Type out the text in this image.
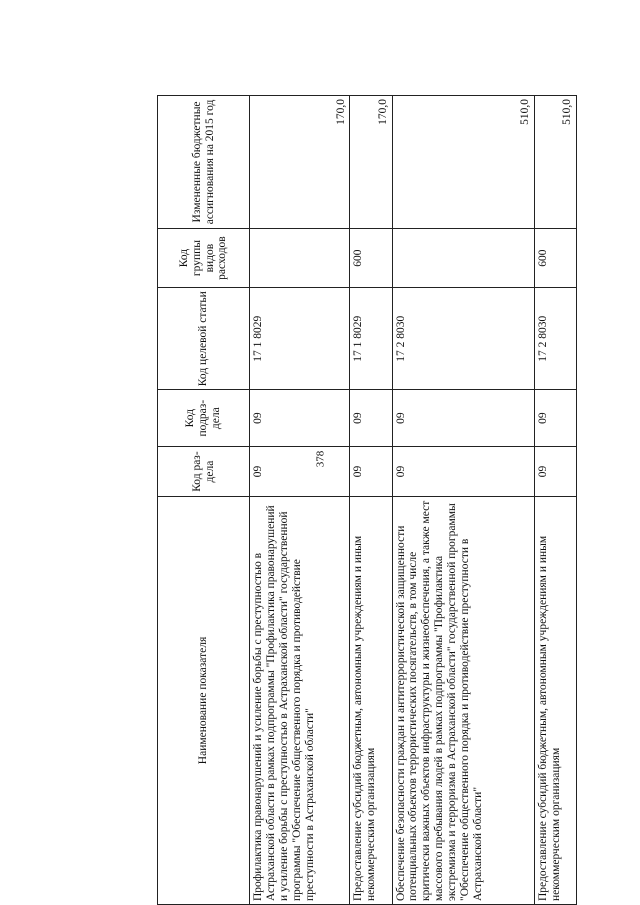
378
Наименование показателя	Код раз- дела	Код подраз- дела	Код целевой статьи	Код группы видов расходов	Измененные бюджетные ассигнования на 2015 год
Профилактика правонарушений и усиление борьбы с преступностью в Астраханской области в рамках подпрограммы "Профилактика правонарушений и усиление борьбы с преступностью в Астраханской области" государственной программы "Обеспечение общественного порядка и противодействие преступности в Астраханской области"	09	09	17 1 8029		170,0
Предоставление субсидий бюджетным, автономным учреждениям и иным некоммерческим организациям	09	09	17 1 8029	600	170,0
Обеспечение безопасности граждан и антитеррористической защищенности потенциальных объектов террористических посягательств, в том числе критически важных объектов инфраструктуры и жизнеобеспечения, а также мест массового пребывания людей в рамках подпрограммы "Профилактика экстремизма и терроризма в Астраханской области" государственной программы "Обеспечение общественного порядка и противодействие преступности в Астраханской области"	09	09	17 2 8030		510,0
Предоставление субсидий бюджетным, автономным учреждениям и иным некоммерческим организациям	09	09	17 2 8030	600	510,0
